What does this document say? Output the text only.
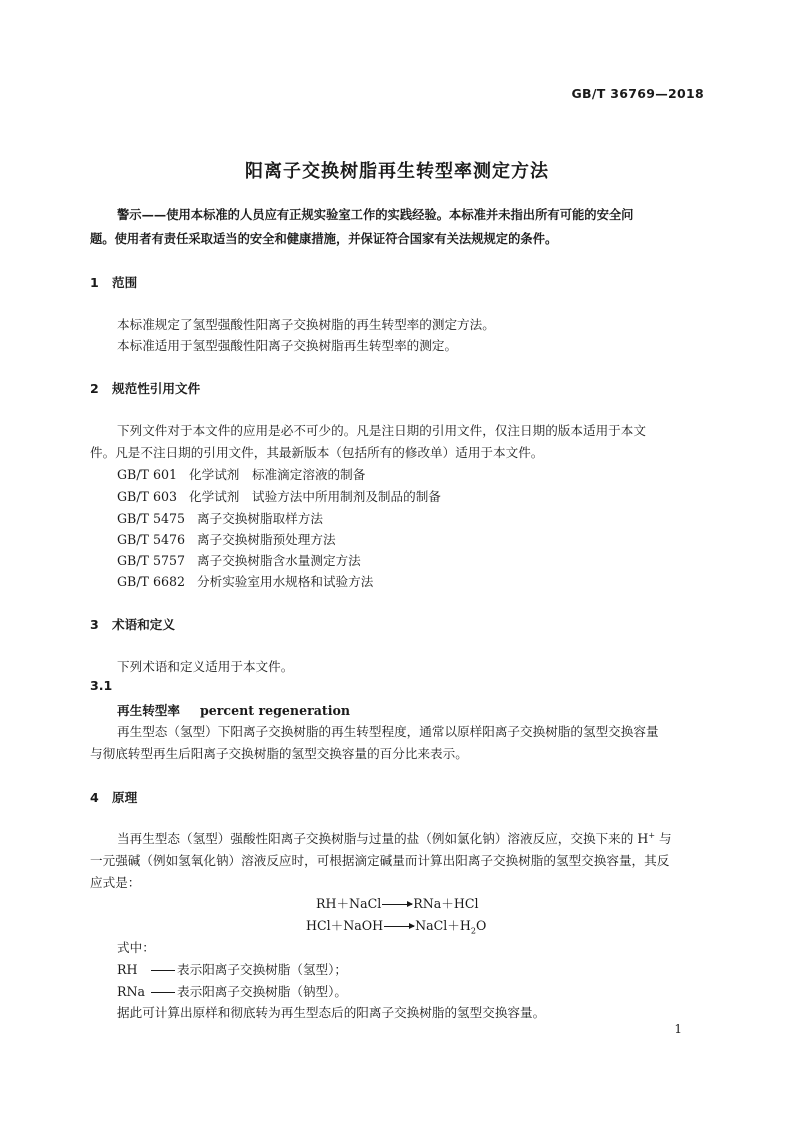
GB/T 36769—2018
阳离子交换树脂再生转型率测定方法
警示——使用本标准的人员应有正规实验室工作的实践经验。本标准并未指出所有可能的安全问
题。使用者有责任采取适当的安全和健康措施，并保证符合国家有关法规规定的条件。
1 范围
本标准规定了氢型强酸性阳离子交换树脂的再生转型率的测定方法。
本标准适用于氢型强酸性阳离子交换树脂再生转型率的测定。
2 规范性引用文件
下列文件对于本文件的应用是必不可少的。凡是注日期的引用文件，仅注日期的版本适用于本文
件。凡是不注日期的引用文件，其最新版本（包括所有的修改单）适用于本文件。
GB/T 601 化学试剂　标准滴定溶液的制备
GB/T 603 化学试剂　试验方法中所用制剂及制品的制备
GB/T 5475 离子交换树脂取样方法
GB/T 5476 离子交换树脂预处理方法
GB/T 5757 离子交换树脂含水量测定方法
GB/T 6682 分析实验室用水规格和试验方法
3 术语和定义
下列术语和定义适用于本文件。
3.1
再生转型率 percent regeneration
再生型态（氢型）下阳离子交换树脂的再生转型程度，通常以原样阳离子交换树脂的氢型交换容量
与彻底转型再生后阳离子交换树脂的氢型交换容量的百分比来表示。
4 原理
当再生型态（氢型）强酸性阳离子交换树脂与过量的盐（例如氯化钠）溶液反应，交换下来的 H+ 与
一元强碱（例如氢氧化钠）溶液反应时，可根据滴定碱量而计算出阳离子交换树脂的氢型交换容量，其反
应式是：
RH＋NaCl→RNa＋HCl
$HCl+NaOH\to NaCl+H_2O$
式中：
RH	表示阳离子交换树脂（氢型）；
RNa	表示阳离子交换树脂（钠型）。
据此可计算出原样和彻底转为再生型态后的阳离子交换树脂的氢型交换容量。
1
